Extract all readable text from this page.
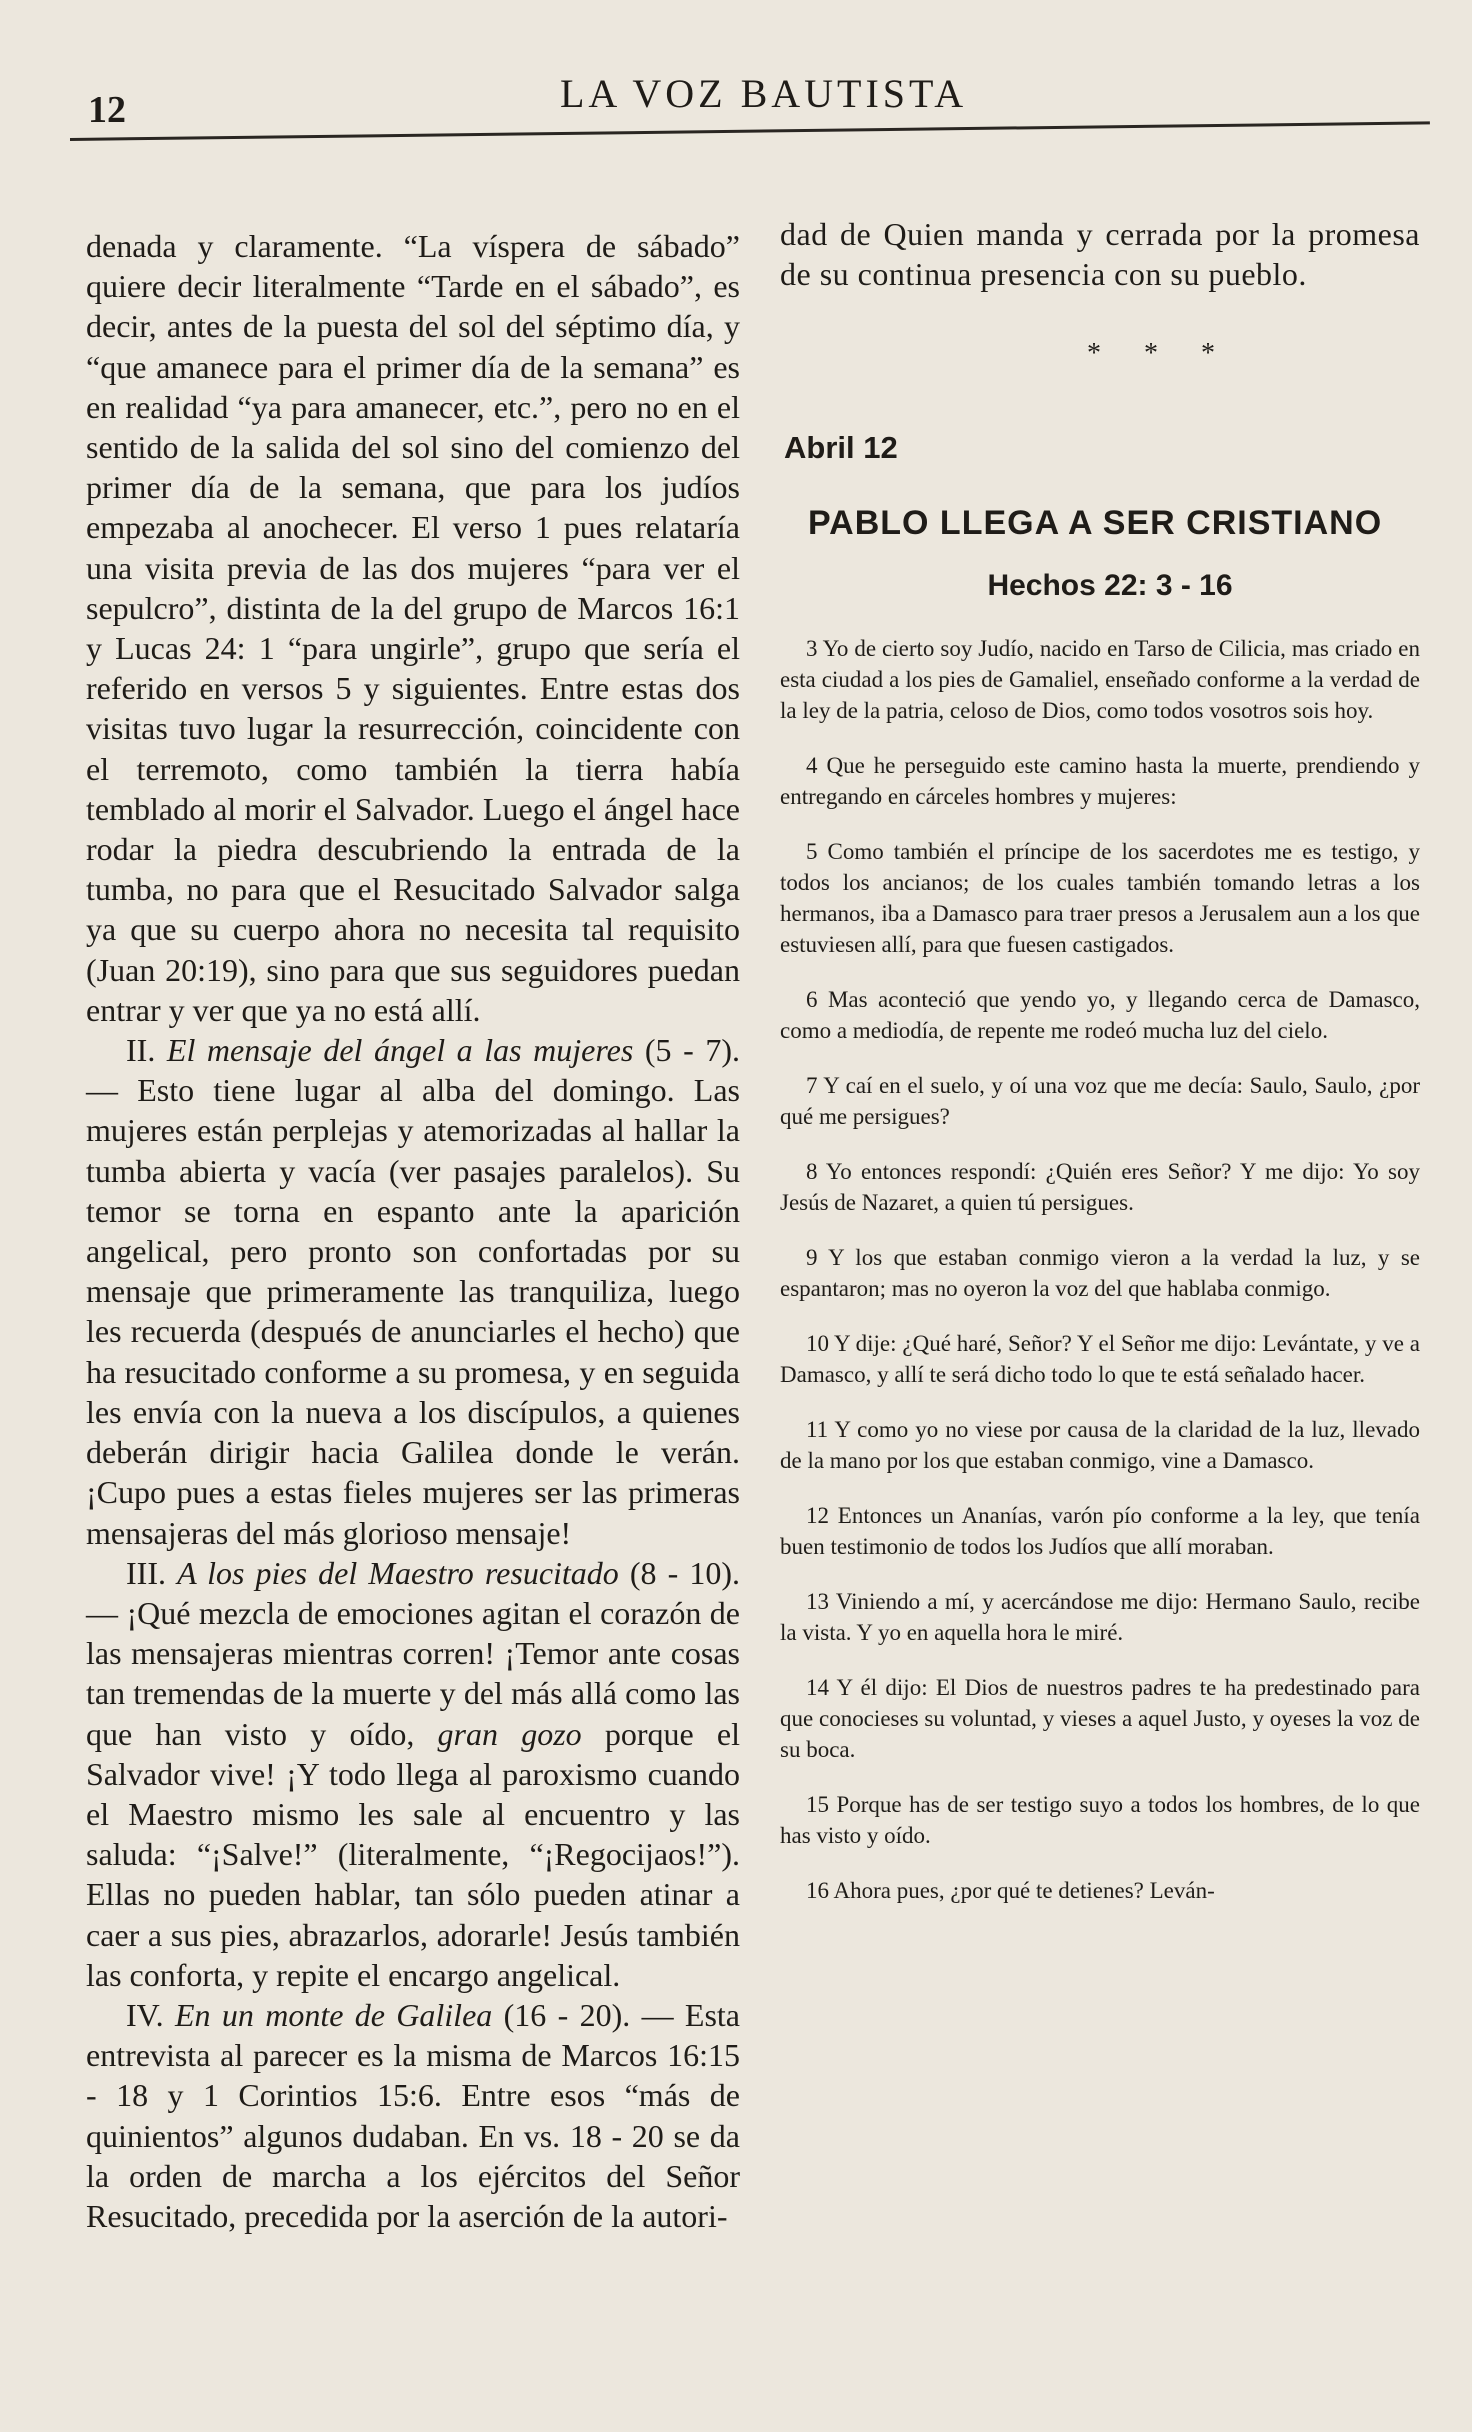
12	LA VOZ BAUTISTA

denada y claramente. “La víspera de sábado” quiere decir literalmente “Tarde en el sábado”, es decir, antes de la puesta del sol del séptimo día, y “que amanece para el primer día de la semana” es en realidad “ya para amanecer, etc.”, pero no en el sentido de la salida del sol sino del comienzo del primer día de la semana, que para los judíos empezaba al anochecer. El verso 1 pues relataría una visita previa de las dos mujeres “para ver el sepulcro”, distinta de la del grupo de Marcos 16:1 y Lucas 24: 1 “para ungirle”, grupo que sería el referido en versos 5 y siguientes. Entre estas dos visitas tuvo lugar la resurrección, coincidente con el terremoto, como también la tierra había temblado al morir el Salvador. Luego el ángel hace rodar la piedra descubriendo la entrada de la tumba, no para que el Resucitado Salvador salga ya que su cuerpo ahora no necesita tal requisito (Juan 20:19), sino para que sus seguidores puedan entrar y ver que ya no está allí.

II. El mensaje del ángel a las mujeres (5 - 7). — Esto tiene lugar al alba del domingo. Las mujeres están perplejas y atemorizadas al hallar la tumba abierta y vacía (ver pasajes paralelos). Su temor se torna en espanto ante la aparición angelical, pero pronto son confortadas por su mensaje que primeramente las tranquiliza, luego les recuerda (después de anunciarles el hecho) que ha resucitado conforme a su promesa, y en seguida les envía con la nueva a los discípulos, a quienes deberán dirigir hacia Galilea donde le verán. ¡Cupo pues a estas fieles mujeres ser las primeras mensajeras del más glorioso mensaje!

III. A los pies del Maestro resucitado (8 - 10). — ¡Qué mezcla de emociones agitan el corazón de las mensajeras mientras corren! ¡Temor ante cosas tan tremendas de la muerte y del más allá como las que han visto y oído, gran gozo porque el Salvador vive! ¡Y todo llega al paroxismo cuando el Maestro mismo les sale al encuentro y las saluda: “¡Salve!” (literalmente, “¡Regocijaos!”). Ellas no pueden hablar, tan sólo pueden atinar a caer a sus pies, abrazarlos, adorarle! Jesús también las conforta, y repite el encargo angelical.

IV. En un monte de Galilea (16 - 20). — Esta entrevista al parecer es la misma de Marcos 16:15 - 18 y 1 Corintios 15:6. Entre esos “más de quinientos” algunos dudaban. En vs. 18 - 20 se da la orden de marcha a los ejércitos del Señor Resucitado, precedida por la aserción de la autori-

dad de Quien manda y cerrada por la promesa de su continua presencia con su pueblo.

* * *
Abril 12
PABLO LLEGA A SER CRISTIANO
Hechos 22: 3 - 16

3 Yo de cierto soy Judío, nacido en Tarso de Cilicia, mas criado en esta ciudad a los pies de Gamaliel, enseñado conforme a la verdad de la ley de la patria, celoso de Dios, como todos vosotros sois hoy.

4 Que he perseguido este camino hasta la muerte, prendiendo y entregando en cárceles hombres y mujeres:

5 Como también el príncipe de los sacerdotes me es testigo, y todos los ancianos; de los cuales también tomando letras a los hermanos, iba a Damasco para traer presos a Jerusalem aun a los que estuviesen allí, para que fuesen castigados.

6 Mas aconteció que yendo yo, y llegando cerca de Damasco, como a mediodía, de repente me rodeó mucha luz del cielo.

7 Y caí en el suelo, y oí una voz que me decía: Saulo, Saulo, ¿por qué me persigues?

8 Yo entonces respondí: ¿Quién eres Señor? Y me dijo: Yo soy Jesús de Nazaret, a quien tú persigues.

9 Y los que estaban conmigo vieron a la verdad la luz, y se espantaron; mas no oyeron la voz del que hablaba conmigo.

10 Y dije: ¿Qué haré, Señor? Y el Señor me dijo: Levántate, y ve a Damasco, y allí te será dicho todo lo que te está señalado hacer.

11 Y como yo no viese por causa de la claridad de la luz, llevado de la mano por los que estaban conmigo, vine a Damasco.

12 Entonces un Ananías, varón pío conforme a la ley, que tenía buen testimonio de todos los Judíos que allí moraban.

13 Viniendo a mí, y acercándose me dijo: Hermano Saulo, recibe la vista. Y yo en aquella hora le miré.

14 Y él dijo: El Dios de nuestros padres te ha predestinado para que conocieses su voluntad, y vieses a aquel Justo, y oyeses la voz de su boca.

15 Porque has de ser testigo suyo a todos los hombres, de lo que has visto y oído.

16 Ahora pues, ¿por qué te detienes? Leván-
